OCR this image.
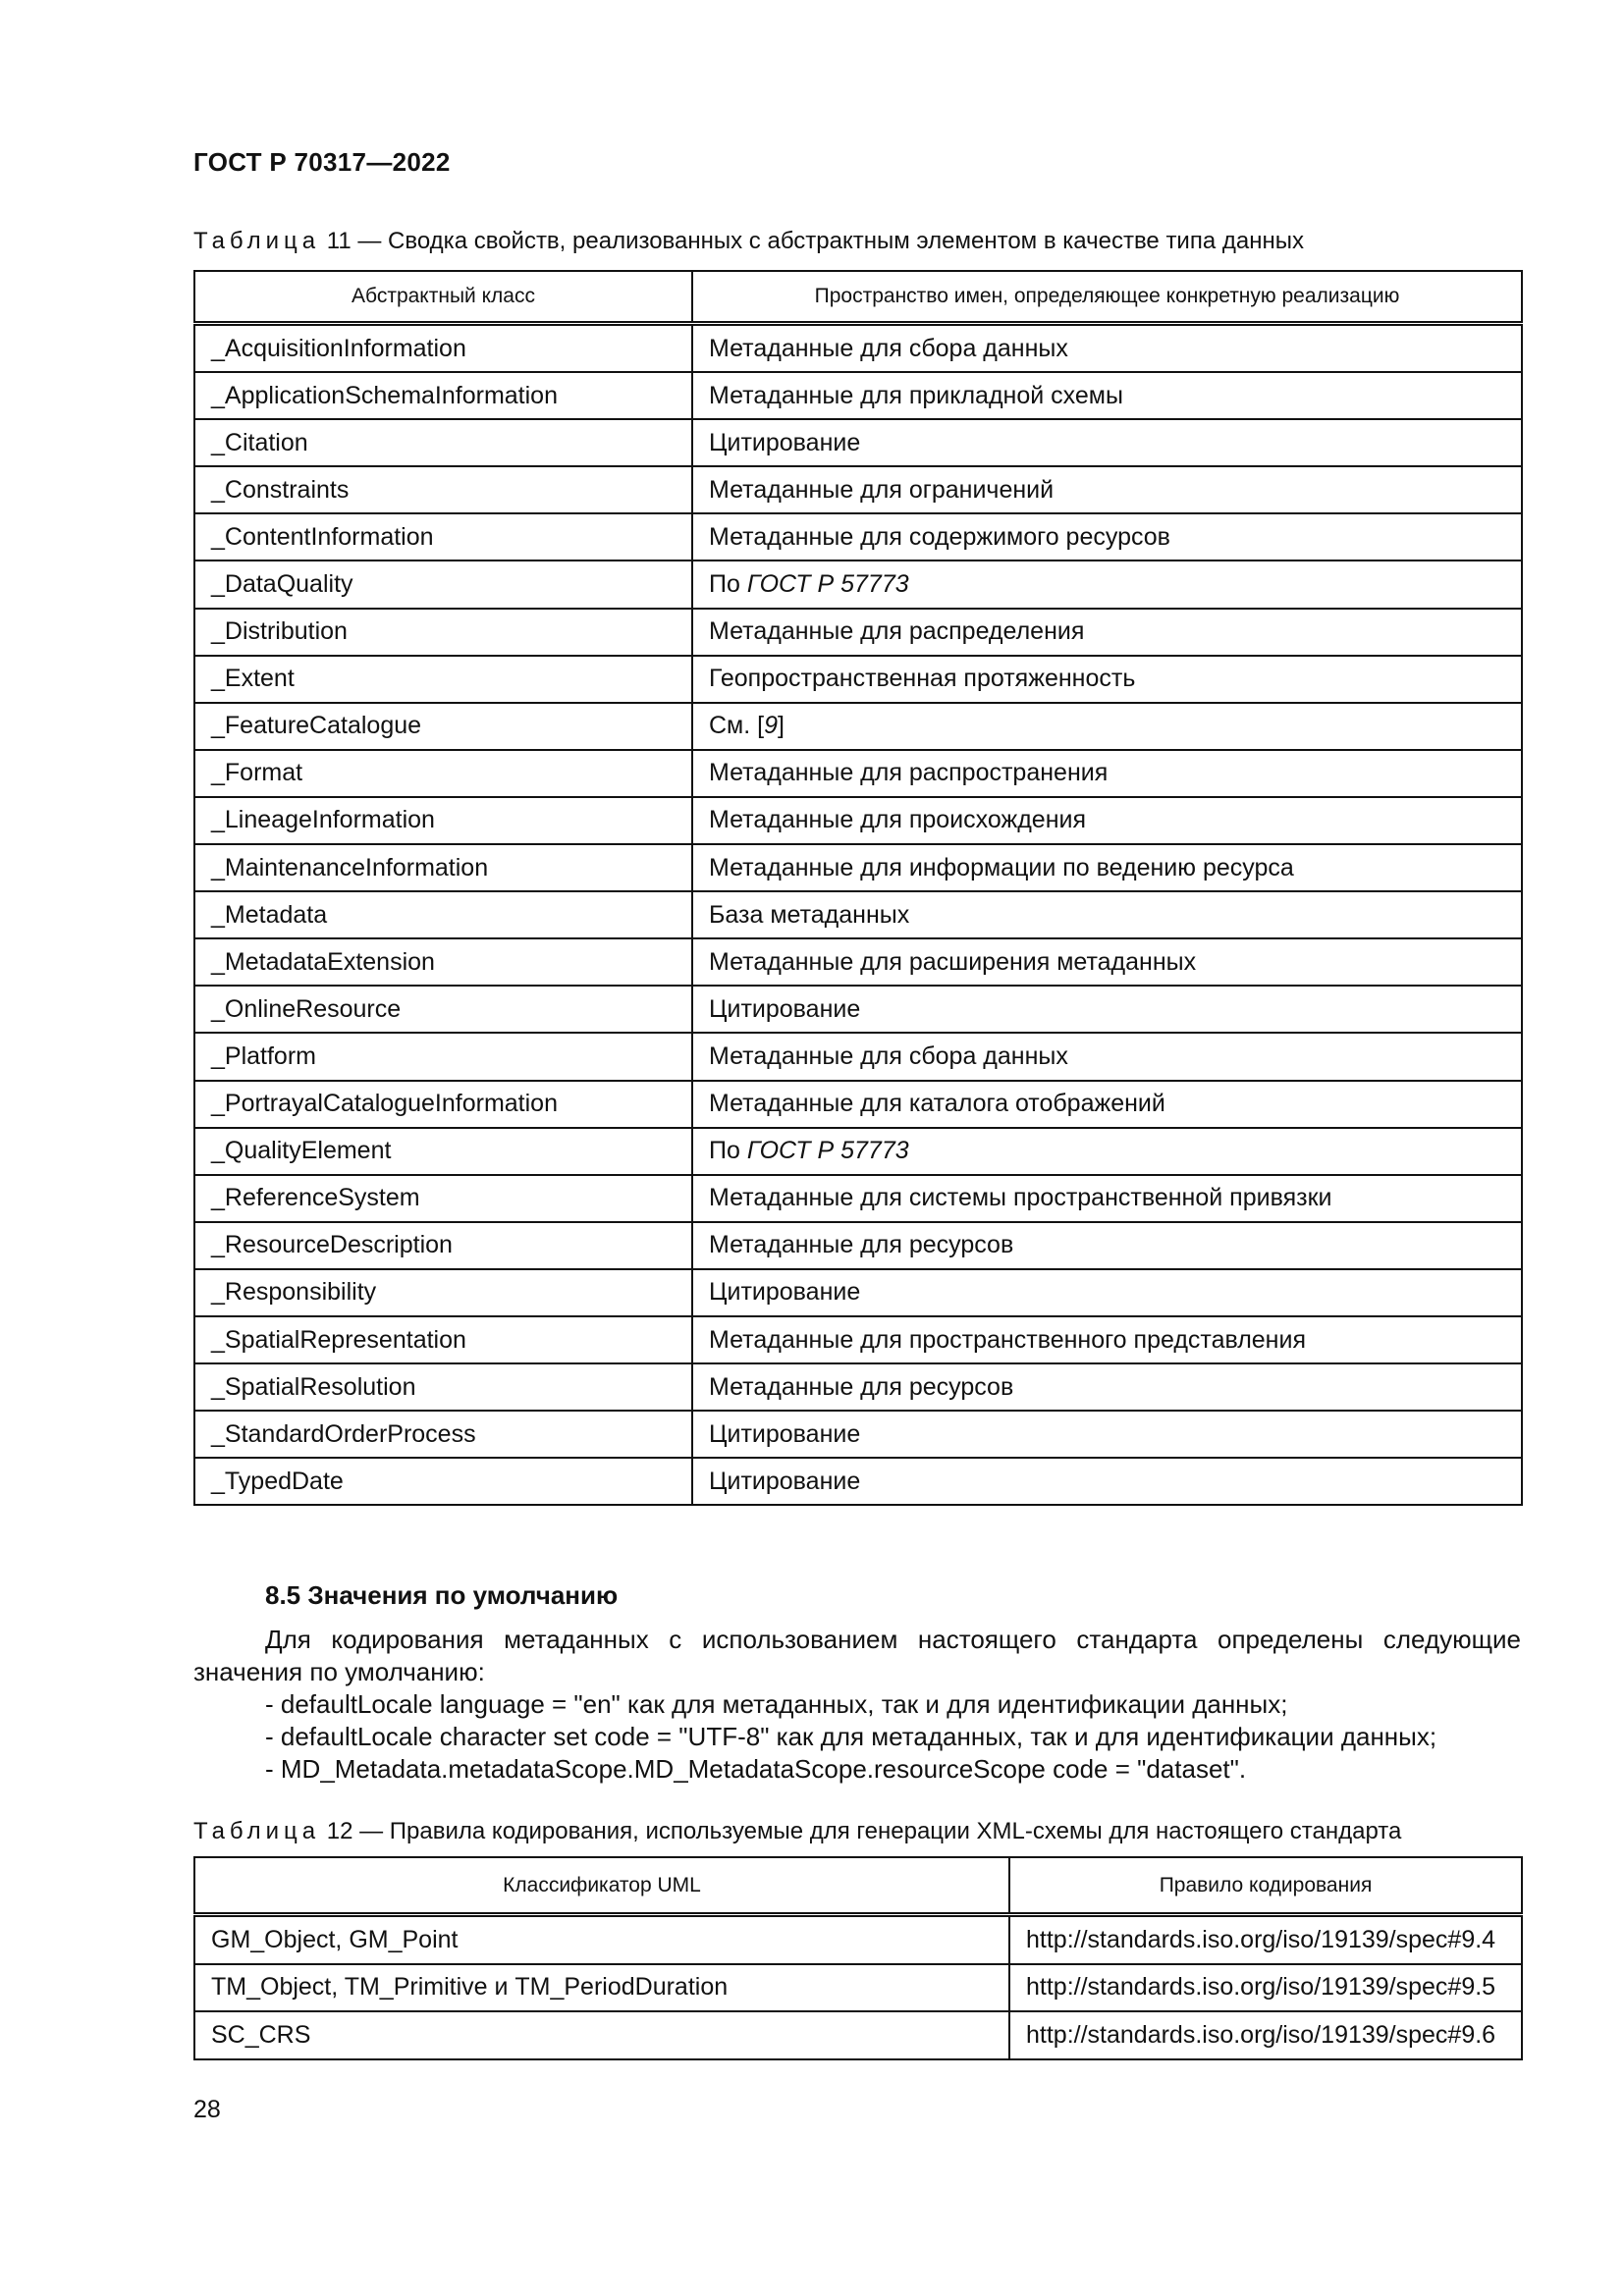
ГОСТ Р 70317—2022
Таблица 11 — Сводка свойств, реализованных с абстрактным элементом в качестве типа данных
Абстрактный класс	Пространство имен, определяющее конкретную реализацию
_AcquisitionInformation	Метаданные для сбора данных
_ApplicationSchemaInformation	Метаданные для прикладной схемы
_Citation	Цитирование
_Constraints	Метаданные для ограничений
_ContentInformation	Метаданные для содержимого ресурсов
_DataQuality	По ГОСТ Р 57773
_Distribution	Метаданные для распределения
_Extent	Геопространственная протяженность
_FeatureCatalogue	См. [9]
_Format	Метаданные для распространения
_LineageInformation	Метаданные для происхождения
_MaintenanceInformation	Метаданные для информации по ведению ресурса
_Metadata	База метаданных
_MetadataExtension	Метаданные для расширения метаданных
_OnlineResource	Цитирование
_Platform	Метаданные для сбора данных
_PortrayalCatalogueInformation	Метаданные для каталога отображений
_QualityElement	По ГОСТ Р 57773
_ReferenceSystem	Метаданные для системы пространственной привязки
_ResourceDescription	Метаданные для ресурсов
_Responsibility	Цитирование
_SpatialRepresentation	Метаданные для пространственного представления
_SpatialResolution	Метаданные для ресурсов
_StandardOrderProcess	Цитирование
_TypedDate	Цитирование
8.5 Значения по умолчанию
Для кодирования метаданных с использованием настоящего стандарта определены следующие
значения по умолчанию:
- defaultLocale language = "en" как для метаданных, так и для идентификации данных;
- defaultLocale character set code = "UTF-8" как для метаданных, так и для идентификации данных;
- MD_Metadata.metadataScope.MD_MetadataScope.resourceScope code = "dataset".
Таблица 12 — Правила кодирования, используемые для генерации XML-схемы для настоящего стандарта
Классификатор UML	Правило кодирования
GM_Object, GM_Point	http://standards.iso.org/iso/19139/spec#9.4
TM_Object, TM_Primitive и TM_PeriodDuration	http://standards.iso.org/iso/19139/spec#9.5
SC_CRS	http://standards.iso.org/iso/19139/spec#9.6
28
